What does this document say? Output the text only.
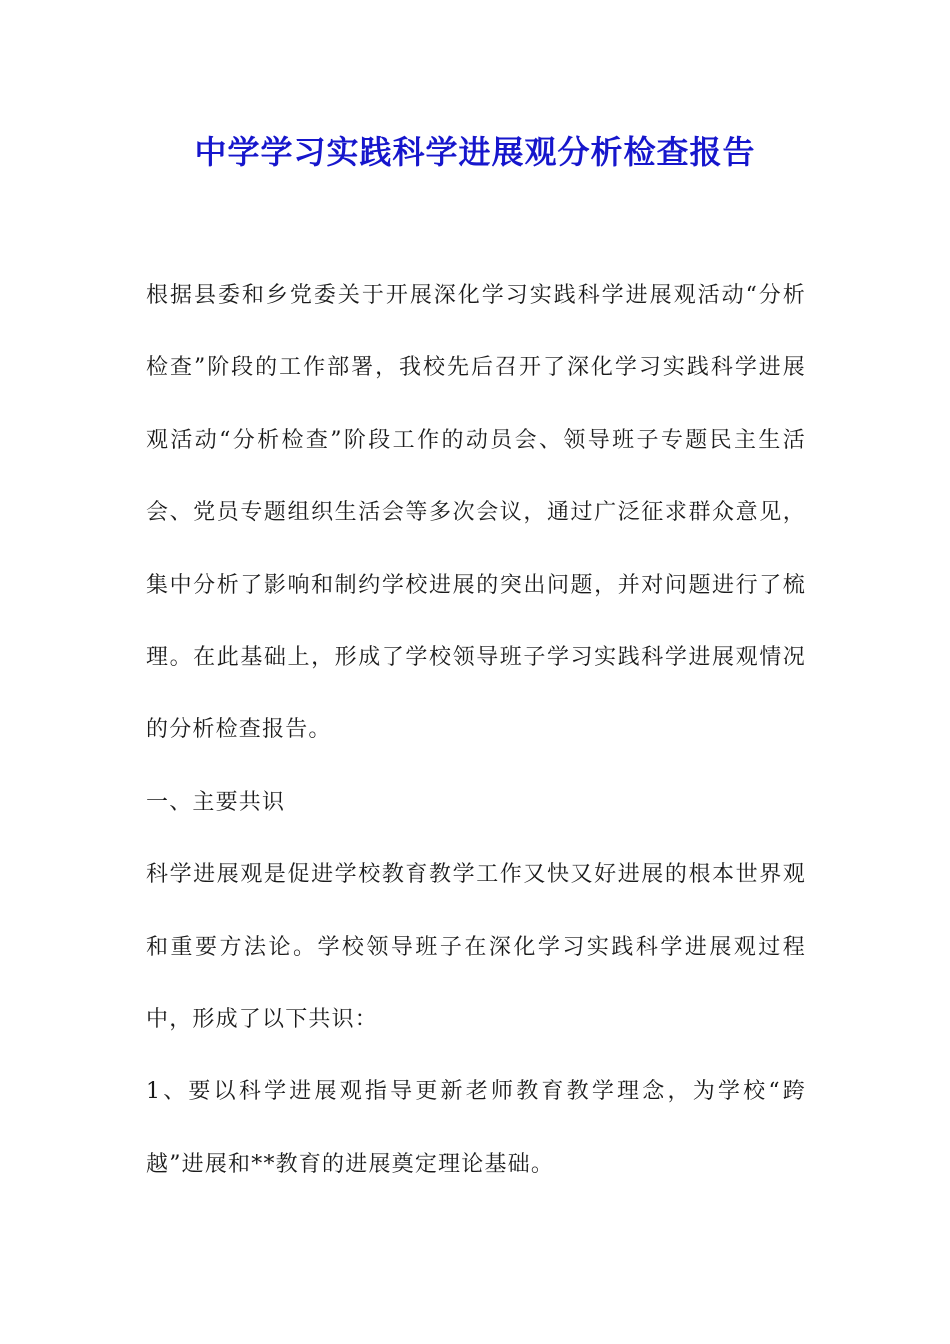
中学学习实践科学进展观分析检查报告

根据县委和乡党委关于开展深化学习实践科学进展观活动“分析检查”阶段的工作部署，我校先后召开了深化学习实践科学进展观活动“分析检查”阶段工作的动员会、领导班子专题民主生活会、党员专题组织生活会等多次会议，通过广泛征求群众意见，集中分析了影响和制约学校进展的突出问题，并对问题进行了梳理。在此基础上，形成了学校领导班子学习实践科学进展观情况的分析检查报告。

一、主要共识

科学进展观是促进学校教育教学工作又快又好进展的根本世界观和重要方法论。学校领导班子在深化学习实践科学进展观过程中，形成了以下共识：

1、要以科学进展观指导更新老师教育教学理念，为学校“跨越”进展和**教育的进展奠定理论基础。
